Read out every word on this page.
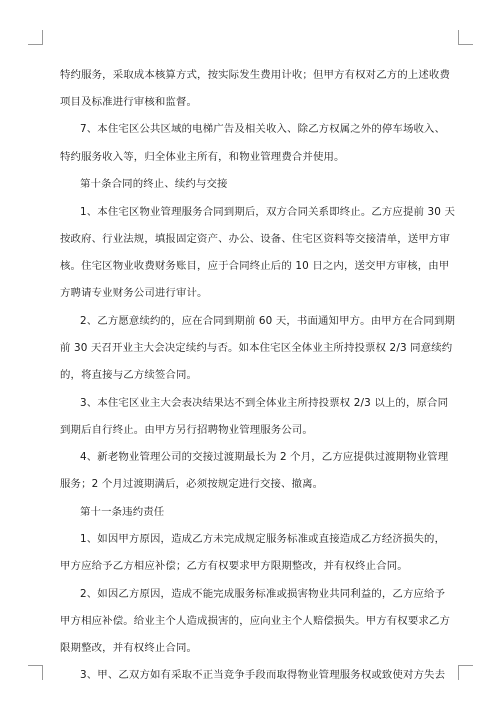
特约服务，采取成本核算方式，按实际发生费用计收；但甲方有权对乙方的上述收费
项目及标准进行审核和监督。
7、本住宅区公共区域的电梯广告及相关收入、除乙方权属之外的停车场收入、
特约服务收入等，归全体业主所有，和物业管理费合并使用。
第十条合同的终止、续约与交接
1、本住宅区物业管理服务合同到期后，双方合同关系即终止。乙方应提前 30 天
按政府、行业法规，填报固定资产、办公、设备、住宅区资料等交接清单，送甲方审
核。住宅区物业收费财务账目，应于合同终止后的 10 日之内，送交甲方审核，由甲
方聘请专业财务公司进行审计。
2、乙方愿意续约的，应在合同到期前 60 天，书面通知甲方。由甲方在合同到期
前 30 天召开业主大会决定续约与否。如本住宅区全体业主所持投票权 2/3 同意续约
的，将直接与乙方续签合同。
3、本住宅区业主大会表决结果达不到全体业主所持投票权 2/3 以上的，原合同
到期后自行终止。由甲方另行招聘物业管理服务公司。
4、新老物业管理公司的交接过渡期最长为 2 个月，乙方应提供过渡期物业管理
服务；2 个月过渡期满后，必须按规定进行交接、撤离。
第十一条违约责任
1、如因甲方原因，造成乙方未完成规定服务标准或直接造成乙方经济损失的，
甲方应给予乙方相应补偿；乙方有权要求甲方限期整改，并有权终止合同。
2、如因乙方原因，造成不能完成服务标准或损害物业共同利益的，乙方应给予
甲方相应补偿。给业主个人造成损害的，应向业主个人赔偿损失。甲方有权要求乙方
限期整改，并有权终止合同。
3、甲、乙双方如有采取不正当竞争手段而取得物业管理服务权或致使对方失去
